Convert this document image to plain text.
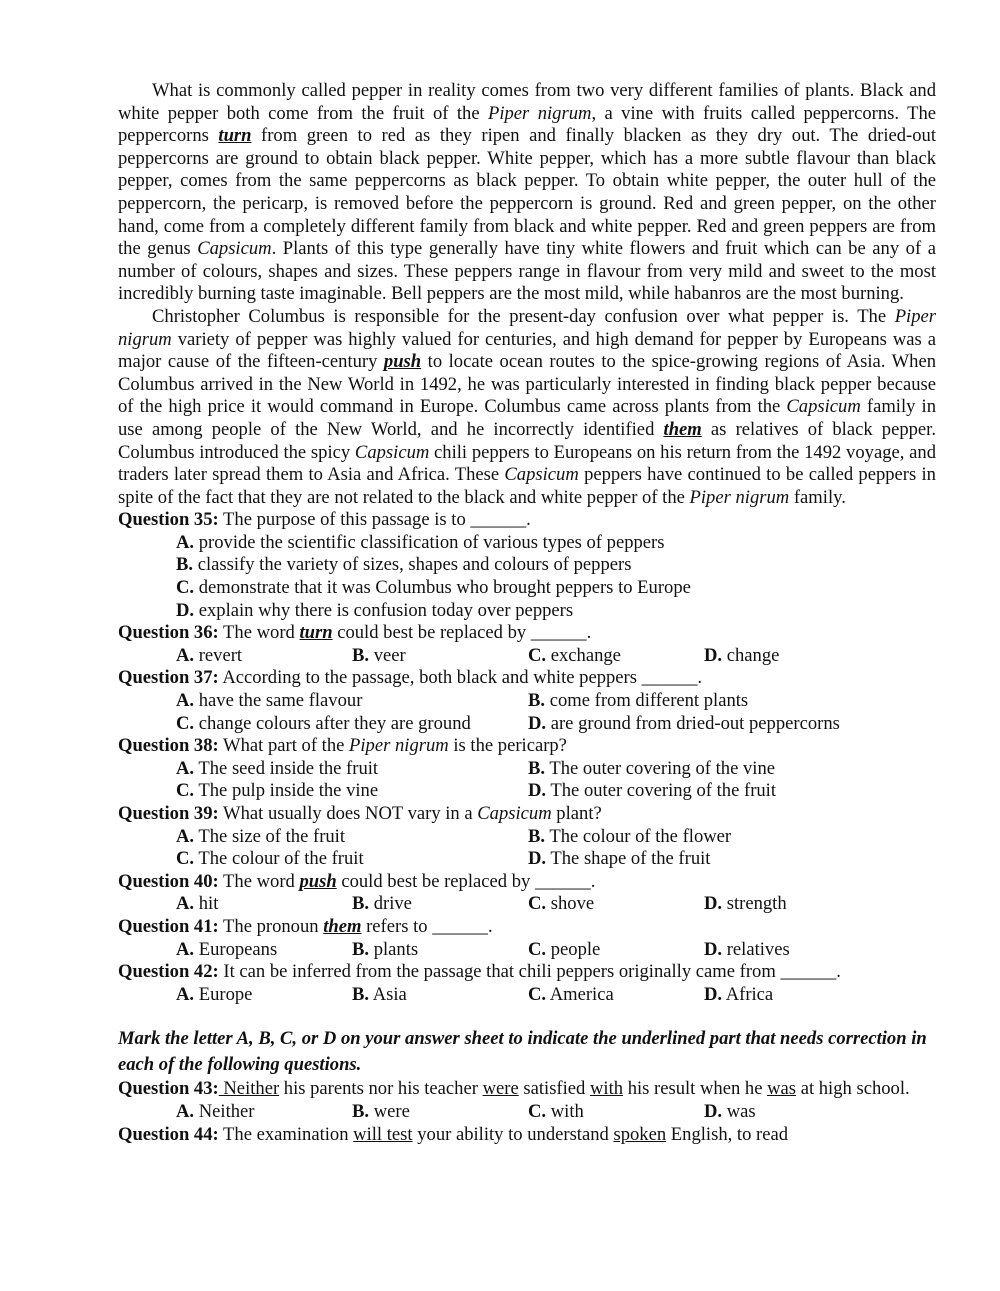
What is commonly called pepper in reality comes from two very different families of plants. Black and white pepper both come from the fruit of the Piper nigrum, a vine with fruits called peppercorns. The peppercorns turn from green to red as they ripen and finally blacken as they dry out. The dried-out peppercorns are ground to obtain black pepper. White pepper, which has a more subtle flavour than black pepper, comes from the same peppercorns as black pepper. To obtain white pepper, the outer hull of the peppercorn, the pericarp, is removed before the peppercorn is ground. Red and green pepper, on the other hand, come from a completely different family from black and white pepper. Red and green peppers are from the genus Capsicum. Plants of this type generally have tiny white flowers and fruit which can be any of a number of colours, shapes and sizes. These peppers range in flavour from very mild and sweet to the most incredibly burning taste imaginable. Bell peppers are the most mild, while habanros are the most burning.

Christopher Columbus is responsible for the present-day confusion over what pepper is. The Piper nigrum variety of pepper was highly valued for centuries, and high demand for pepper by Europeans was a major cause of the fifteen-century push to locate ocean routes to the spice-growing regions of Asia. When Columbus arrived in the New World in 1492, he was particularly interested in finding black pepper because of the high price it would command in Europe. Columbus came across plants from the Capsicum family in use among people of the New World, and he incorrectly identified them as relatives of black pepper. Columbus introduced the spicy Capsicum chili peppers to Europeans on his return from the 1492 voyage, and traders later spread them to Asia and Africa. These Capsicum peppers have continued to be called peppers in spite of the fact that they are not related to the black and white pepper of the Piper nigrum family.

Question 35: The purpose of this passage is to ______.

A. provide the scientific classification of various types of peppers
B. classify the variety of sizes, shapes and colours of peppers
C. demonstrate that it was Columbus who brought peppers to Europe
D. explain why there is confusion today over peppers

Question 36: The word turn could best be replaced by ______.

A. revert	B. veer	C. exchange	D. change

Question 37: According to the passage, both black and white peppers ______.

A. have the same flavour	B. come from different plants
C. change colours after they are ground	D. are ground from dried-out peppercorns

Question 38: What part of the Piper nigrum is the pericarp?

A. The seed inside the fruit	B. The outer covering of the vine
C. The pulp inside the vine	D. The outer covering of the fruit

Question 39: What usually does NOT vary in a Capsicum plant?

A. The size of the fruit	B. The colour of the flower
C. The colour of the fruit	D. The shape of the fruit

Question 40: The word push could best be replaced by ______.

A. hit	B. drive	C. shove	D. strength

Question 41: The pronoun them refers to ______.

A. Europeans	B. plants	C. people	D. relatives

Question 42: It can be inferred from the passage that chili peppers originally came from ______.

A. Europe	B. Asia	C. America	D. Africa

Mark the letter A, B, C, or D on your answer sheet to indicate the underlined part that needs correction in each of the following questions.

Question 43: Neither his parents nor his teacher were satisfied with his result when he was at high school.

A. Neither	B. were	C. with	D. was

Question 44: The examination will test your ability to understand spoken English, to read
